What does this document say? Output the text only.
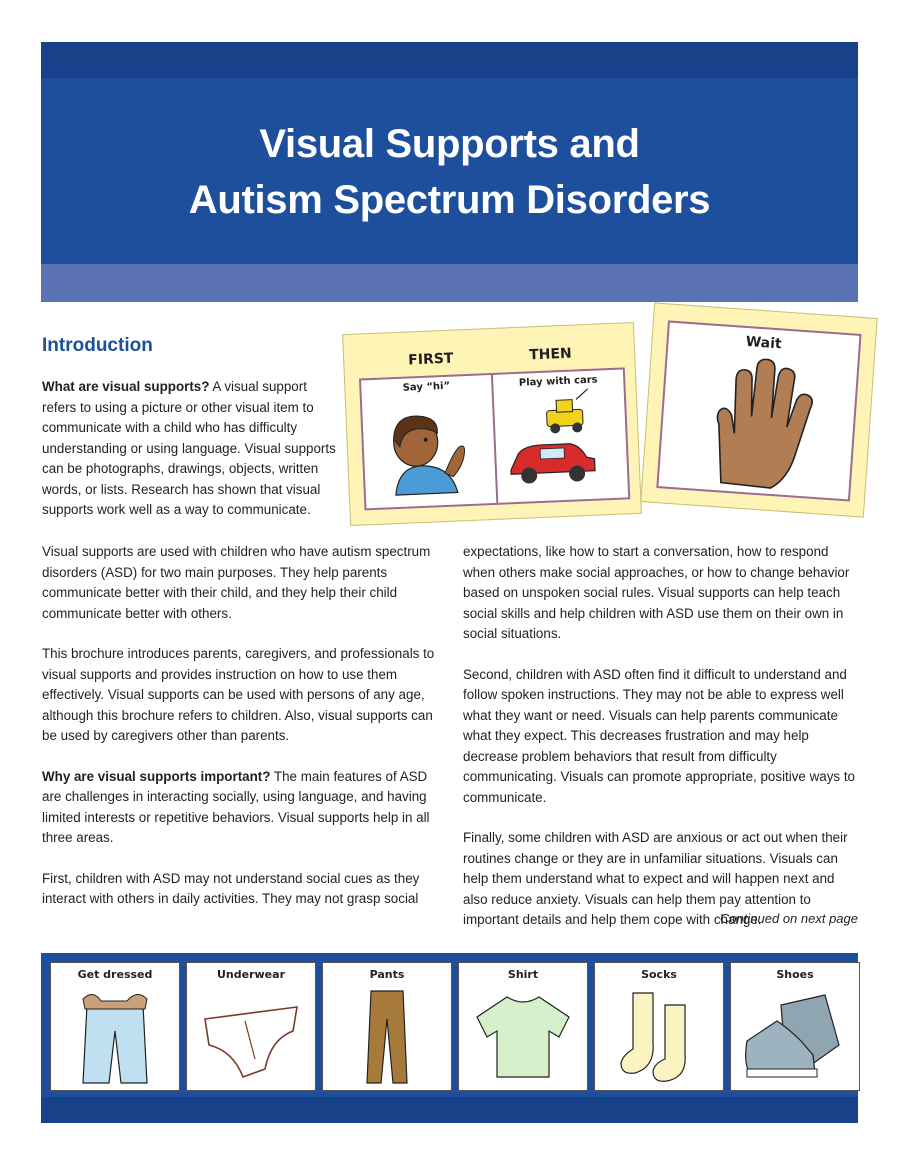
Visual Supports and
Autism Spectrum Disorders
Introduction

What are visual supports? A visual support refers to using a picture or other visual item to communicate with a child who has difficulty understanding or using language. Visual supports can be photographs, drawings, objects, written words, or lists. Research has shown that visual supports work well as a way to communicate.

Visual supports are used with children who have autism spectrum disorders (ASD) for two main purposes. They help parents communicate better with their child, and they help their child communicate better with others.

This brochure introduces parents, caregivers, and professionals to visual supports and provides instruction on how to use them effectively. Visual supports can be used with persons of any age, although this brochure refers to children. Also, visual supports can be used by caregivers other than parents.

Why are visual supports important? The main features of ASD are challenges in interacting socially, using language, and having limited interests or repetitive behaviors. Visual supports help in all three areas.

First, children with ASD may not understand social cues as they interact with others in daily activities. They may not grasp social

expectations, like how to start a conversation, how to respond when others make social approaches, or how to change behavior based on unspoken social rules. Visual supports can help teach social skills and help children with ASD use them on their own in social situations.

Second, children with ASD often find it difficult to understand and follow spoken instructions. They may not be able to express well what they want or need. Visuals can help parents communicate what they expect. This decreases frustration and may help decrease problem behaviors that result from difficulty communicating. Visuals can promote appropriate, positive ways to communicate.

Finally, some children with ASD are anxious or act out when their routines change or they are in unfamiliar situations. Visuals can help them understand what to expect and will happen next and also reduce anxiety. Visuals can help them pay attention to important details and help them cope with change.

Continued on next page
FIRST	THEN
Say “hi”	Play with cars
Wait
Get dressed	Underwear	Pants	Shirt	Socks	Shoes
